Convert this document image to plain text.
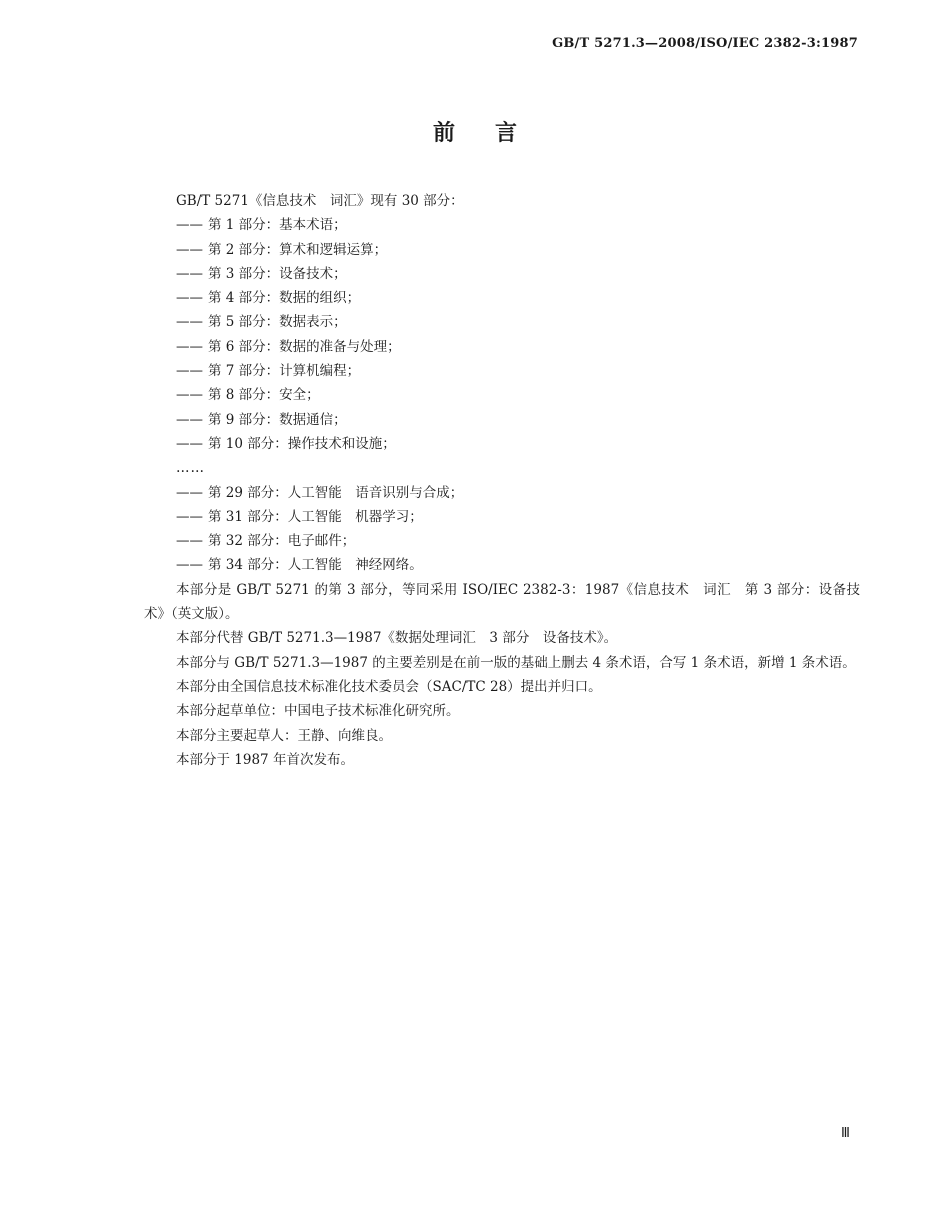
GB/T 5271.3—2008/ISO/IEC 2382-3:1987
前言

GB/T 5271《信息技术　词汇》现有 30 部分：

—— 第 1 部分：基本术语；

—— 第 2 部分：算术和逻辑运算；

—— 第 3 部分：设备技术；

—— 第 4 部分：数据的组织；

—— 第 5 部分：数据表示；

—— 第 6 部分：数据的准备与处理；

—— 第 7 部分：计算机编程；

—— 第 8 部分：安全；

—— 第 9 部分：数据通信；

—— 第 10 部分：操作技术和设施；

……

—— 第 29 部分：人工智能　语音识别与合成；

—— 第 31 部分：人工智能　机器学习；

—— 第 32 部分：电子邮件；

—— 第 34 部分：人工智能　神经网络。

本部分是 GB/T 5271 的第 3 部分，等同采用 ISO/IEC 2382-3：1987《信息技术　词汇　第 3 部分：设备技术》（英文版）。

本部分代替 GB/T 5271.3—1987《数据处理词汇　3 部分　设备技术》。

本部分与 GB/T 5271.3—1987 的主要差别是在前一版的基础上删去 4 条术语，合写 1 条术语，新增 1 条术语。

本部分由全国信息技术标准化技术委员会（SAC/TC 28）提出并归口。

本部分起草单位：中国电子技术标准化研究所。

本部分主要起草人：王静、向维良。

本部分于 1987 年首次发布。

Ⅲ
